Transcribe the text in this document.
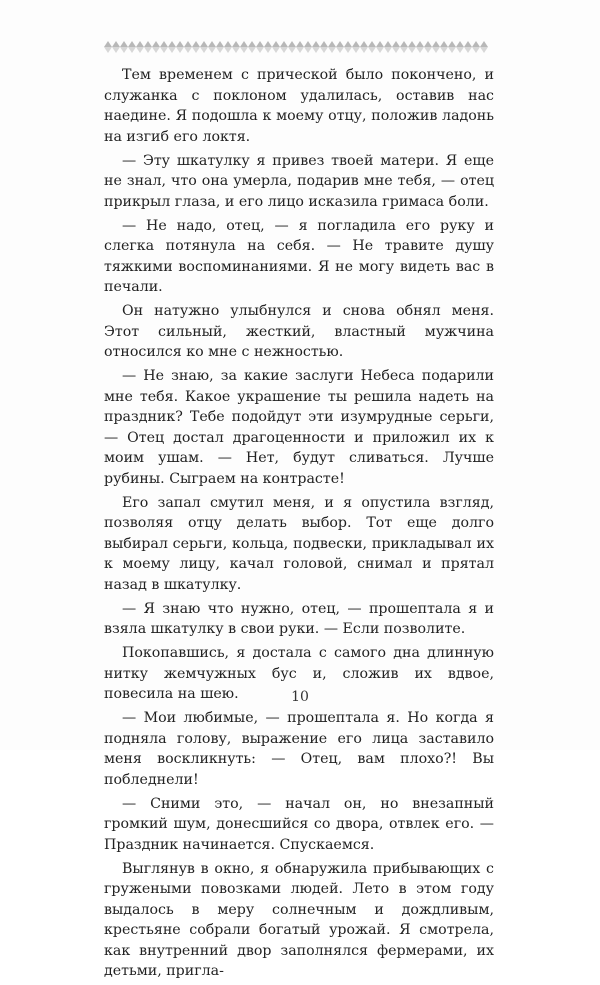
Тем временем с прической было покончено, и служанка с поклоном удалилась, оставив нас наедине. Я подошла к моему отцу, положив ладонь на изгиб его локтя.

— Эту шкатулку я привез твоей матери. Я еще не знал, что она умерла, подарив мне тебя, — отец прикрыл глаза, и его лицо исказила гримаса боли.

— Не надо, отец, — я погладила его руку и слегка потянула на себя. — Не травите душу тяжкими воспоминаниями. Я не могу видеть вас в печали.

Он натужно улыбнулся и снова обнял меня. Этот сильный, жесткий, властный мужчина относился ко мне с нежностью.

— Не знаю, за какие заслуги Небеса подарили мне тебя. Какое украшение ты решила надеть на праздник? Тебе подойдут эти изумрудные серьги, — Отец достал драгоценности и приложил их к моим ушам. — Нет, будут сливаться. Лучше рубины. Сыграем на контрасте!

Его запал смутил меня, и я опустила взгляд, позволяя отцу делать выбор. Тот еще долго выбирал серьги, кольца, подвески, прикладывал их к моему лицу, качал головой, снимал и прятал назад в шкатулку.

— Я знаю что нужно, отец, — прошептала я и взяла шкатулку в свои руки. — Если позволите.

Покопавшись, я достала с самого дна длинную нитку жемчужных бус и, сложив их вдвое, повесила на шею.

— Мои любимые, — прошептала я. Но когда я подняла голову, выражение его лица заставило меня воскликнуть: — Отец, вам плохо?! Вы побледнели!

— Сними это, — начал он, но внезапный громкий шум, донесшийся со двора, отвлек его. — Праздник начинается. Спускаемся.

Выглянув в окно, я обнаружила прибывающих с гружеными повозками людей. Лето в этом году выдалось в меру солнечным и дождливым, крестьяне собрали богатый урожай. Я смотрела, как внутренний двор заполнялся фермерами, их детьми, пригла-

10
